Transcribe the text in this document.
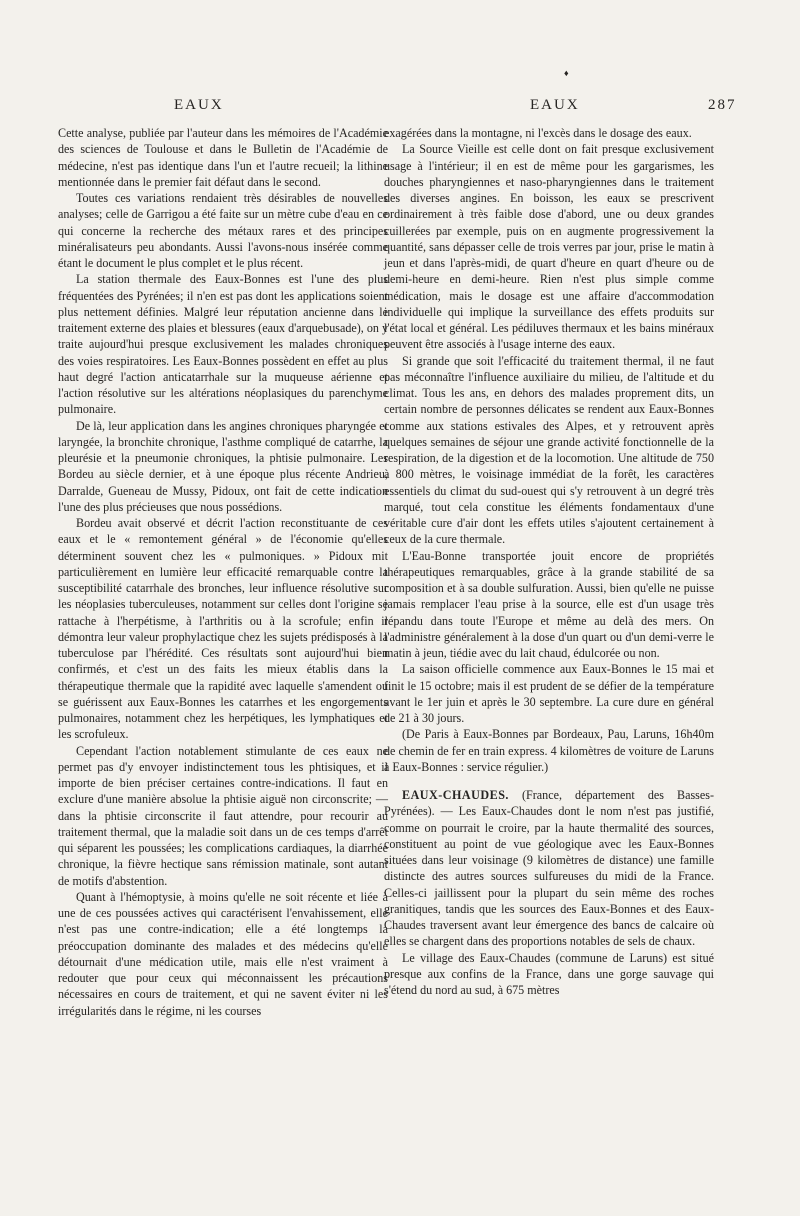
♦
EAUX	EAUX	287

Cette analyse, publiée par l'auteur dans les mémoires de l'Académie des sciences de Toulouse et dans le Bulletin de l'Académie de médecine, n'est pas identique dans l'un et l'autre recueil; la lithine mentionnée dans le premier fait défaut dans le second.

Toutes ces variations rendaient très désirables de nouvelles analyses; celle de Garrigou a été faite sur un mètre cube d'eau en ce qui concerne la recherche des métaux rares et des principes minéralisateurs peu abondants. Aussi l'avons-nous insérée comme étant le document le plus complet et le plus récent.

La station thermale des Eaux-Bonnes est l'une des plus fréquentées des Pyrénées; il n'en est pas dont les applications soient plus nettement définies. Malgré leur réputation ancienne dans le traitement externe des plaies et blessures (eaux d'arquebusade), on y traite aujourd'hui presque exclusivement les malades chroniques des voies respiratoires. Les Eaux-Bonnes possèdent en effet au plus haut degré l'action anticatarrhale sur la muqueuse aérienne et l'action résolutive sur les altérations néoplasiques du parenchyme pulmonaire.

De là, leur application dans les angines chroniques pharyngée et laryngée, la bronchite chronique, l'asthme compliqué de catarrhe, la pleurésie et la pneumonie chroniques, la phtisie pulmonaire. Les Bordeu au siècle dernier, et à une époque plus récente Andrieu, Darralde, Gueneau de Mussy, Pidoux, ont fait de cette indication l'une des plus précieuses que nous possédions.

Bordeu avait observé et décrit l'action reconstituante de ces eaux et le « remontement général » de l'économie qu'elles déterminent souvent chez les « pulmoniques. » Pidoux mit particulièrement en lumière leur efficacité remarquable contre la susceptibilité catarrhale des bronches, leur influence résolutive sur les néoplasies tuberculeuses, notamment sur celles dont l'origine se rattache à l'herpétisme, à l'arthritis ou à la scrofule; enfin il démontra leur valeur prophylactique chez les sujets prédisposés à la tuberculose par l'hérédité. Ces résultats sont aujourd'hui bien confirmés, et c'est un des faits les mieux établis dans la thérapeutique thermale que la rapidité avec laquelle s'amendent ou se guérissent aux Eaux-Bonnes les catarrhes et les engorgements pulmonaires, notamment chez les herpétiques, les lymphatiques et les scrofuleux.

Cependant l'action notablement stimulante de ces eaux ne permet pas d'y envoyer indistinctement tous les phtisiques, et il importe de bien préciser certaines contre-indications. Il faut en exclure d'une manière absolue la phtisie aiguë non circonscrite; — dans la phtisie circonscrite il faut attendre, pour recourir au traitement thermal, que la maladie soit dans un de ces temps d'arrêt qui séparent les poussées; les complications cardiaques, la diarrhée chronique, la fièvre hectique sans rémission matinale, sont autant de motifs d'abstention.

Quant à l'hémoptysie, à moins qu'elle ne soit récente et liée à une de ces poussées actives qui caractérisent l'envahissement, elle n'est pas une contre-indication; elle a été longtemps la préoccupation dominante des malades et des médecins qu'elle détournait d'une médication utile, mais elle n'est vraiment à redouter que pour ceux qui méconnaissent les précautions nécessaires en cours de traitement, et qui ne savent éviter ni les irrégularités dans le régime, ni les courses

exagérées dans la montagne, ni l'excès dans le dosage des eaux.

La Source Vieille est celle dont on fait presque exclusivement usage à l'intérieur; il en est de même pour les gargarismes, les douches pharyngiennes et naso-pharyngiennes dans le traitement des diverses angines. En boisson, les eaux se prescrivent ordinairement à très faible dose d'abord, une ou deux grandes cuillerées par exemple, puis on en augmente progressivement la quantité, sans dépasser celle de trois verres par jour, prise le matin à jeun et dans l'après-midi, de quart d'heure en quart d'heure ou de demi-heure en demi-heure. Rien n'est plus simple comme médication, mais le dosage est une affaire d'accommodation individuelle qui implique la surveillance des effets produits sur l'état local et général. Les pédiluves thermaux et les bains minéraux peuvent être associés à l'usage interne des eaux.

Si grande que soit l'efficacité du traitement thermal, il ne faut pas méconnaître l'influence auxiliaire du milieu, de l'altitude et du climat. Tous les ans, en dehors des malades proprement dits, un certain nombre de personnes délicates se rendent aux Eaux-Bonnes comme aux stations estivales des Alpes, et y retrouvent après quelques semaines de séjour une grande activité fonctionnelle de la respiration, de la digestion et de la locomotion. Une altitude de 750 à 800 mètres, le voisinage immédiat de la forêt, les caractères essentiels du climat du sud-ouest qui s'y retrouvent à un degré très marqué, tout cela constitue les éléments fondamentaux d'une véritable cure d'air dont les effets utiles s'ajoutent certainement à ceux de la cure thermale.

L'Eau-Bonne transportée jouit encore de propriétés thérapeutiques remarquables, grâce à la grande stabilité de sa composition et à sa double sulfuration. Aussi, bien qu'elle ne puisse jamais remplacer l'eau prise à la source, elle est d'un usage très répandu dans toute l'Europe et même au delà des mers. On l'administre généralement à la dose d'un quart ou d'un demi-verre le matin à jeun, tiédie avec du lait chaud, édulcorée ou non.

La saison officielle commence aux Eaux-Bonnes le 15 mai et finit le 15 octobre; mais il est prudent de se défier de la température avant le 1er juin et après le 30 septembre. La cure dure en général de 21 à 30 jours.

(De Paris à Eaux-Bonnes par Bordeaux, Pau, Laruns, 16h40m de chemin de fer en train express. 4 kilomètres de voiture de Laruns à Eaux-Bonnes : service régulier.)

EAUX-CHAUDES. (France, département des Basses-Pyrénées). — Les Eaux-Chaudes dont le nom n'est pas justifié, comme on pourrait le croire, par la haute thermalité des sources, constituent au point de vue géologique avec les Eaux-Bonnes situées dans leur voisinage (9 kilomètres de distance) une famille distincte des autres sources sulfureuses du midi de la France. Celles-ci jaillissent pour la plupart du sein même des roches granitiques, tandis que les sources des Eaux-Bonnes et des Eaux-Chaudes traversent avant leur émergence des bancs de calcaire où elles se chargent dans des proportions notables de sels de chaux.

Le village des Eaux-Chaudes (commune de Laruns) est situé presque aux confins de la France, dans une gorge sauvage qui s'étend du nord au sud, à 675 mètres
